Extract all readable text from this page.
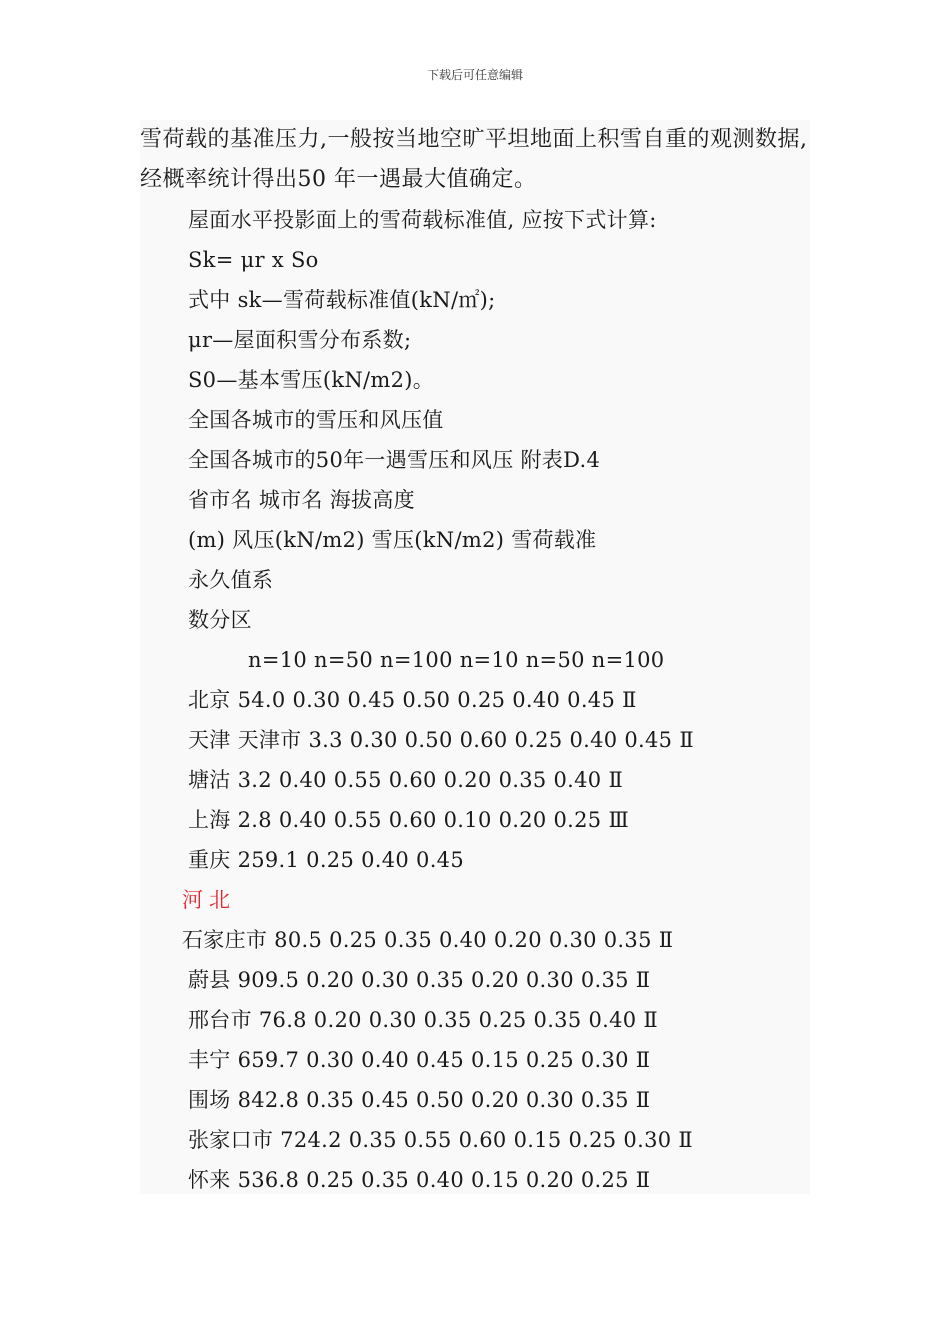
下载后可任意编辑
雪荷载的基准压力,一般按当地空旷平坦地面上积雪自重的观测数据, 经概率统计得出50 年一遇最大值确定。
屋面水平投影面上的雪荷载标准值, 应按下式计算:
Sk= μr x So
式中 sk—雪荷载标准值(kN/㎡);
μr—屋面积雪分布系数;
S0—基本雪压(kN/m2)。
全国各城市的雪压和风压值
全国各城市的50年一遇雪压和风压 附表D.4
省市名 城市名 海拔高度
(m) 风压(kN/m2) 雪压(kN/m2) 雪荷载准
永久值系
数分区
n=10 n=50 n=100 n=10 n=50 n=100
北京 54.0 0.30 0.45 0.50 0.25 0.40 0.45 Ⅱ
天津 天津市 3.3 0.30 0.50 0.60 0.25 0.40 0.45 Ⅱ
塘沽 3.2 0.40 0.55 0.60 0.20 0.35 0.40 Ⅱ
上海 2.8 0.40 0.55 0.60 0.10 0.20 0.25 Ⅲ
重庆 259.1 0.25 0.40 0.45
河北
石家庄市 80.5 0.25 0.35 0.40 0.20 0.30 0.35 Ⅱ
蔚县 909.5 0.20 0.30 0.35 0.20 0.30 0.35 Ⅱ
邢台市 76.8 0.20 0.30 0.35 0.25 0.35 0.40 Ⅱ
丰宁 659.7 0.30 0.40 0.45 0.15 0.25 0.30 Ⅱ
围场 842.8 0.35 0.45 0.50 0.20 0.30 0.35 Ⅱ
张家口市 724.2 0.35 0.55 0.60 0.15 0.25 0.30 Ⅱ
怀来 536.8 0.25 0.35 0.40 0.15 0.20 0.25 Ⅱ
